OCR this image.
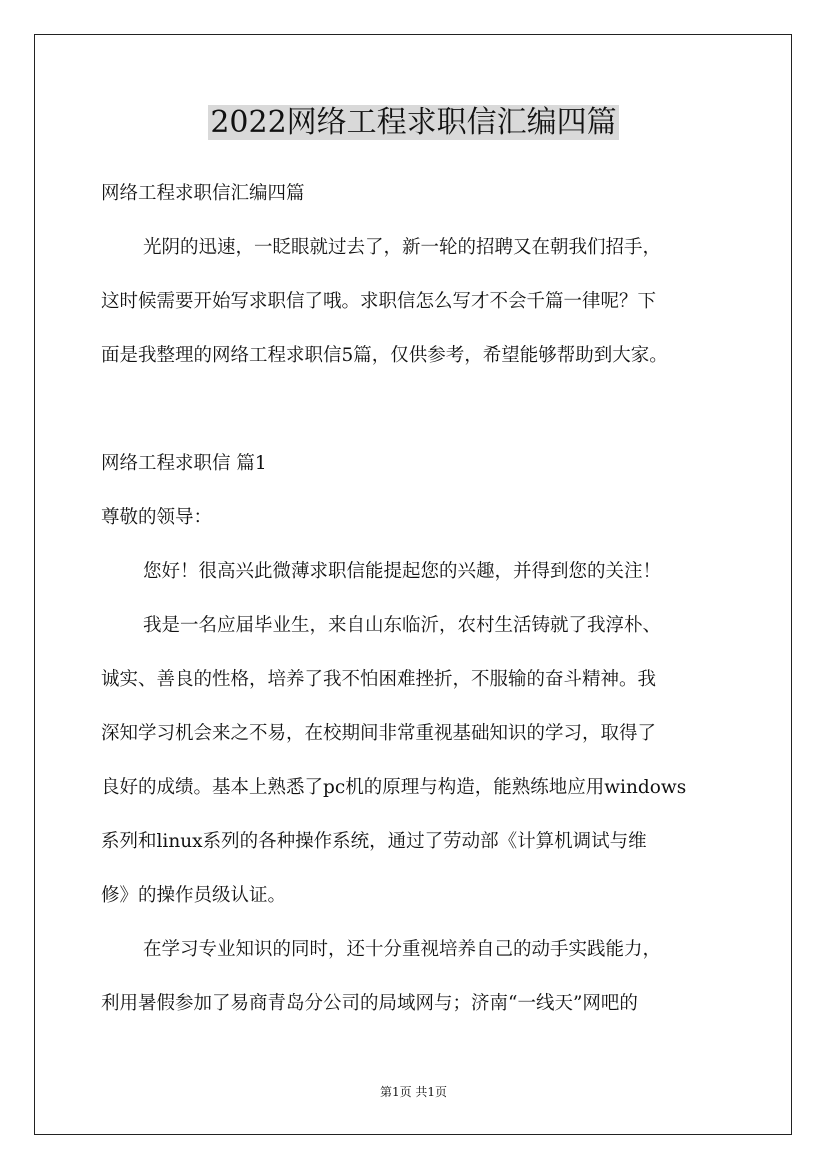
2022网络工程求职信汇编四篇
网络工程求职信汇编四篇
光阴的迅速，一眨眼就过去了，新一轮的招聘又在朝我们招手，
这时候需要开始写求职信了哦。求职信怎么写才不会千篇一律呢？下
面是我整理的网络工程求职信5篇，仅供参考，希望能够帮助到大家。
网络工程求职信 篇1
尊敬的领导：
您好！很高兴此微薄求职信能提起您的兴趣，并得到您的关注！
我是一名应届毕业生，来自山东临沂，农村生活铸就了我淳朴、
诚实、善良的性格，培养了我不怕困难挫折，不服输的奋斗精神。我
深知学习机会来之不易，在校期间非常重视基础知识的学习，取得了
良好的成绩。基本上熟悉了pc机的原理与构造，能熟练地应用windows
系列和linux系列的各种操作系统，通过了劳动部《计算机调试与维
修》的操作员级认证。
在学习专业知识的同时，还十分重视培养自己的动手实践能力，
利用暑假参加了易商青岛分公司的局域网与；济南“一线天”网吧的
第1页 共1页
